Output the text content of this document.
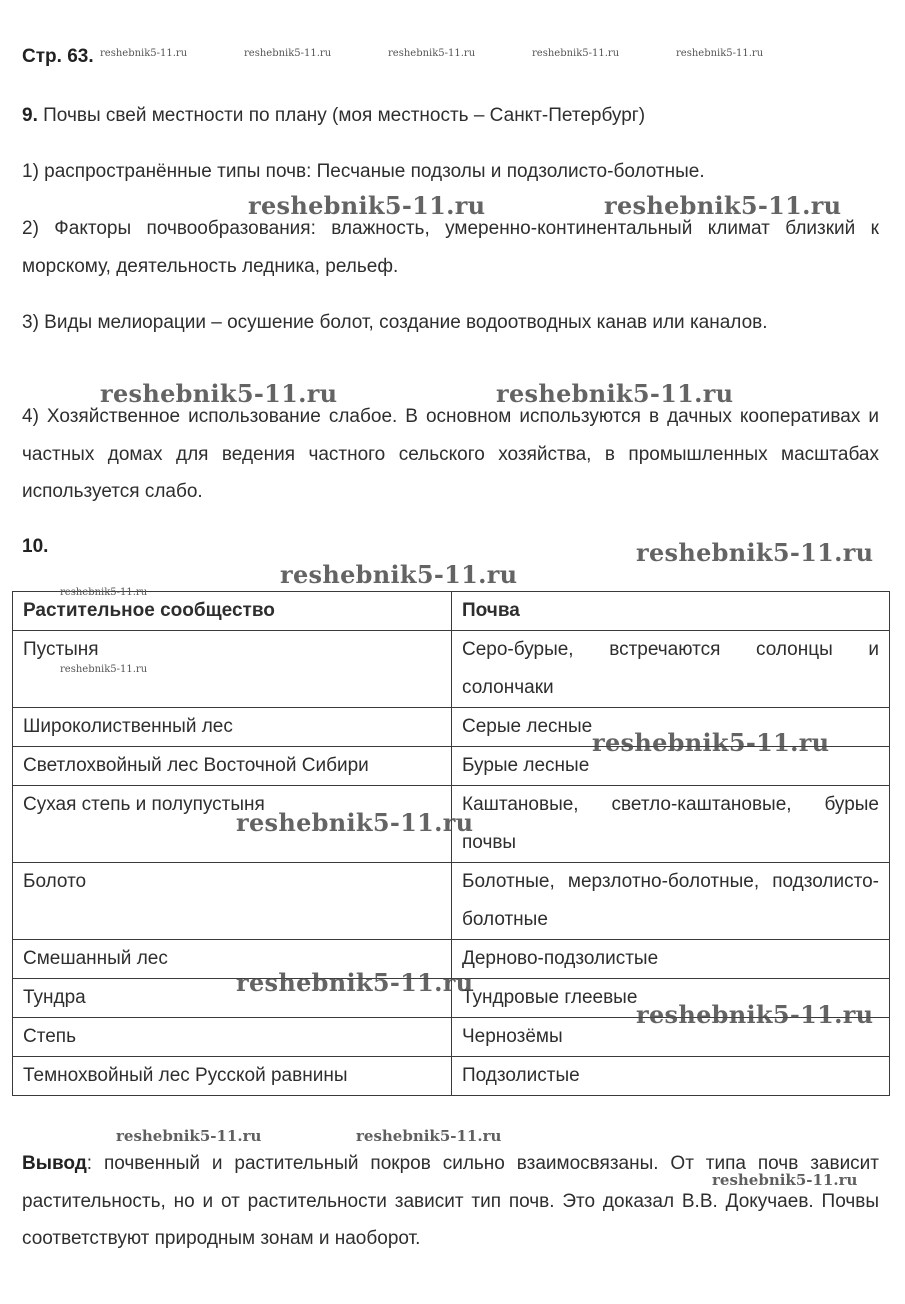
Стр. 63.
9. Почвы свей местности по плану (моя местность – Санкт-Петербург)
1) распространённые типы почв: Песчаные подзолы и подзолисто-болотные.
2) Факторы почвообразования: влажность, умеренно-континентальный климат близкий к морскому, деятельность ледника, рельеф.
3) Виды мелиорации – осушение болот, создание водоотводных канав или каналов.
4) Хозяйственное использование слабое. В основном используются в дачных кооперативах и частных домах для ведения частного сельского хозяйства, в промышленных масштабах используется слабо.
10.
Растительное сообщество	Почва
Пустыня	Серо-бурые, встречаются солонцы и солончаки
Широколиственный лес	Серые лесные
Светлохвойный лес Восточной Сибири	Бурые лесные
Сухая степь и полупустыня	Каштановые, светло-каштановые, бурые почвы
Болото	Болотные, мерзлотно-болотные, подзолисто-болотные
Смешанный лес	Дерново-подзолистые
Тундра	Тундровые глеевые
Степь	Чернозёмы
Темнохвойный лес Русской равнины	Подзолистые
Вывод: почвенный и растительный покров сильно взаимосвязаны. От типа почв зависит растительность, но и от растительности зависит тип почв. Это доказал В.В. Докучаев. Почвы соответствуют природным зонам и наоборот.
reshebnik5-11.ru	reshebnik5-11.ru	reshebnik5-11.ru	reshebnik5-11.ru	reshebnik5-11.ru
reshebnik5-11.ru	reshebnik5-11.ru
reshebnik5-11.ru	reshebnik5-11.ru
reshebnik5-11.ru
reshebnik5-11.ru
reshebnik5-11.ru
reshebnik5-11.ru
reshebnik5-11.ru
reshebnik5-11.ru
reshebnik5-11.ru
reshebnik5-11.ru
reshebnik5-11.ru	reshebnik5-11.ru
reshebnik5-11.ru
